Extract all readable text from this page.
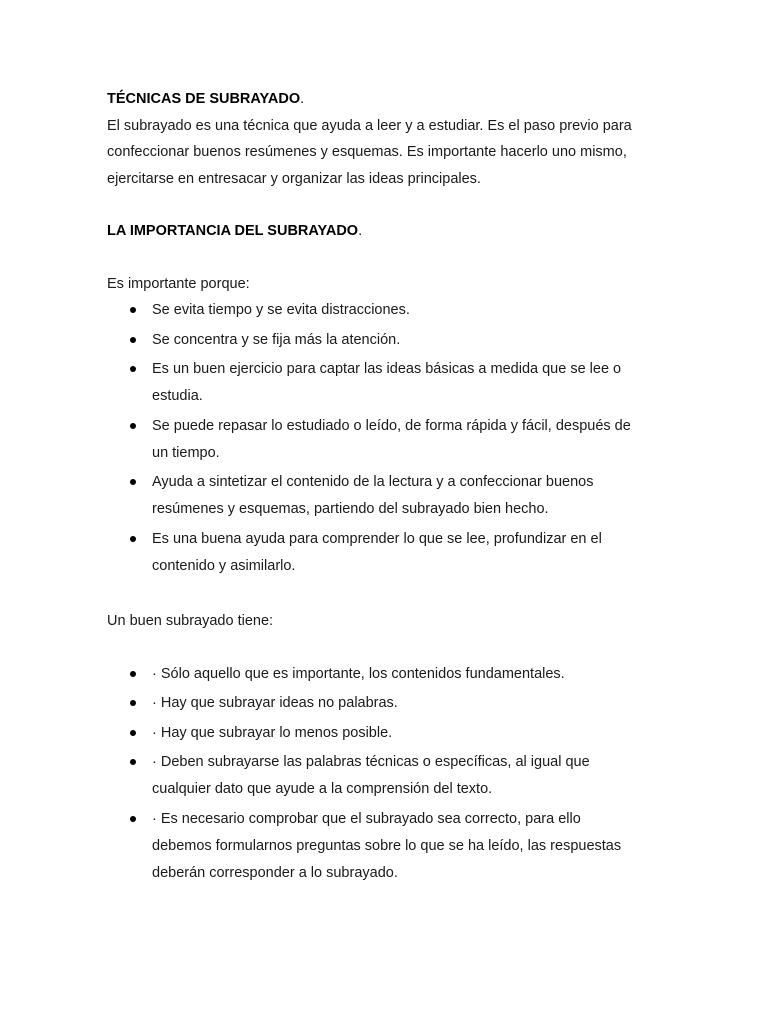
TÉCNICAS DE SUBRAYADO.
El subrayado es una técnica que ayuda a leer y a estudiar. Es el paso previo para
confeccionar buenos resúmenes y esquemas. Es importante hacerlo uno mismo,
ejercitarse en entresacar y organizar las ideas principales.
LA IMPORTANCIA DEL SUBRAYADO.
Es importante porque:
Se evita tiempo y se evita distracciones.
Se concentra y se fija más la atención.
Es un buen ejercicio para captar las ideas básicas a medida que se lee o
estudia.
Se puede repasar lo estudiado o leído, de forma rápida y fácil, después de
un tiempo.
Ayuda a sintetizar el contenido de la lectura y a confeccionar buenos
resúmenes y esquemas, partiendo del subrayado bien hecho.
Es una buena ayuda para comprender lo que se lee, profundizar en el
contenido y asimilarlo.
Un buen subrayado tiene:
· Sólo aquello que es importante, los contenidos fundamentales.
· Hay que subrayar ideas no palabras.
· Hay que subrayar lo menos posible.
· Deben subrayarse las palabras técnicas o específicas, al igual que
cualquier dato que ayude a la comprensión del texto.
· Es necesario comprobar que el subrayado sea correcto, para ello
debemos formularnos preguntas sobre lo que se ha leído, las respuestas
deberán corresponder a lo subrayado.
